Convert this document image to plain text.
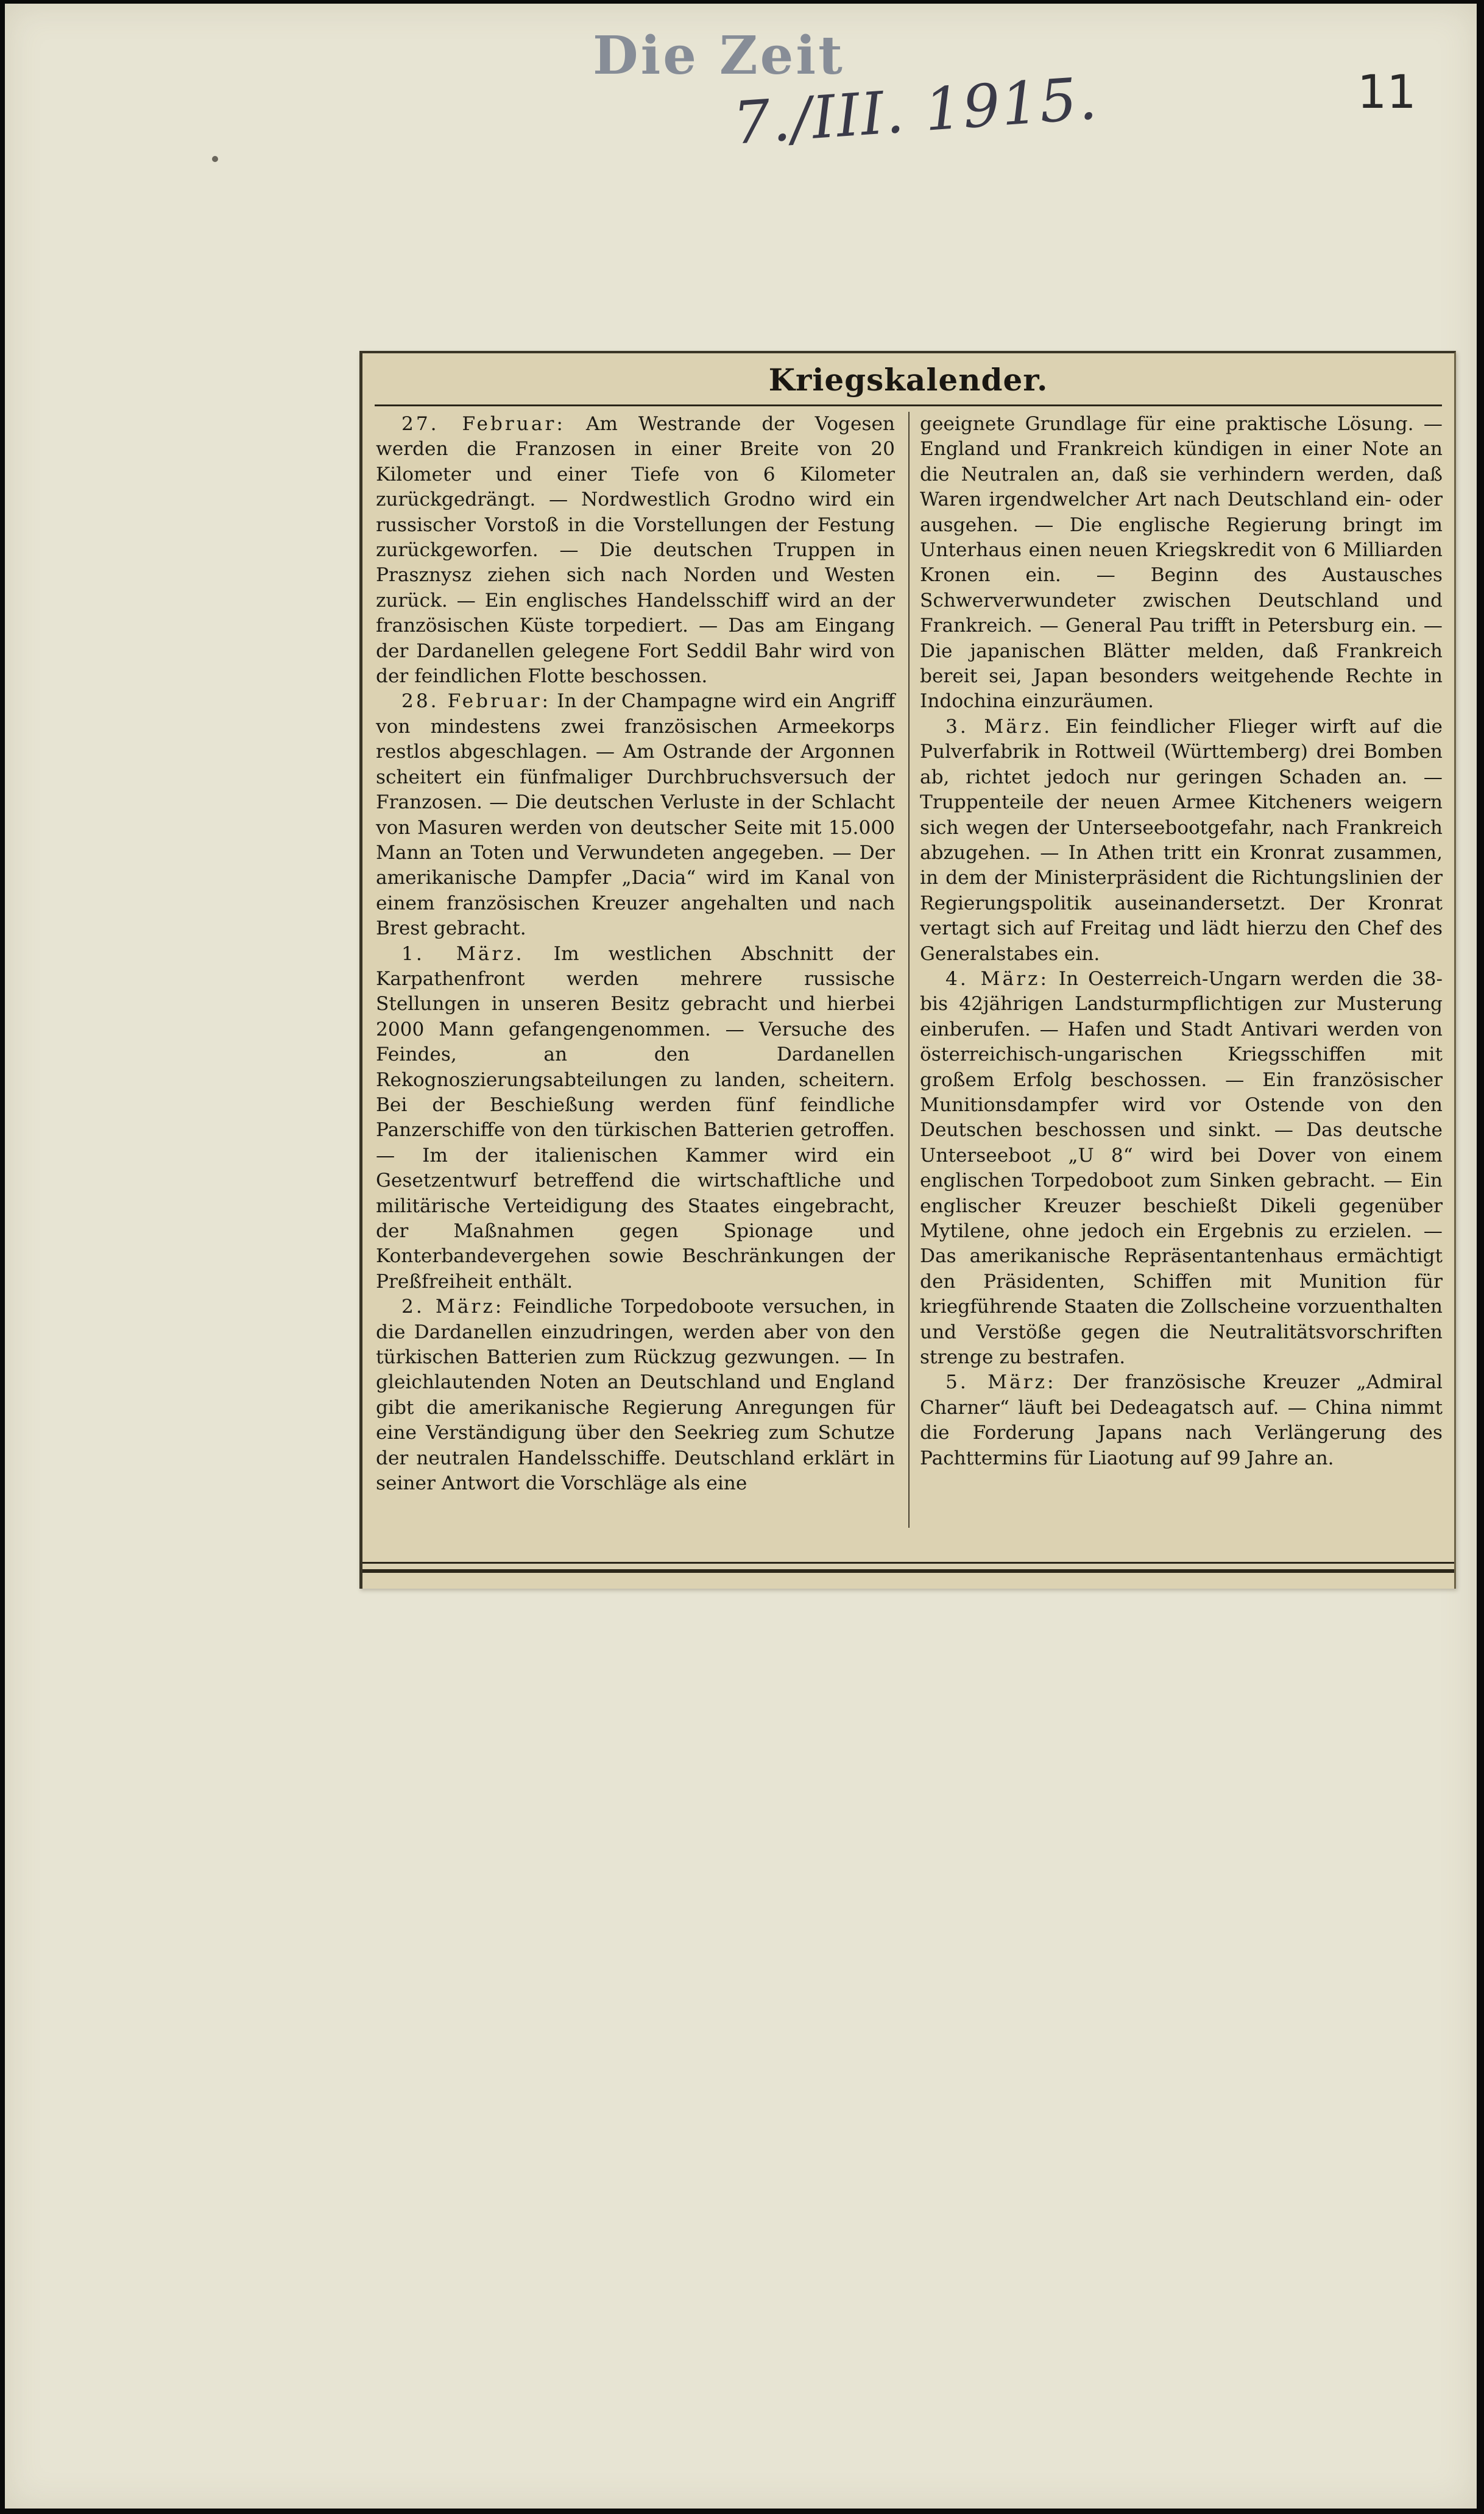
Die Zeit
7./III. 1915.	11
Kriegskalender.

27. Februar: Am Westrande der Vogesen werden die Franzosen in einer Breite von 20 Kilometer und einer Tiefe von 6 Kilometer zurückgedrängt. — Nordwestlich Grodno wird ein russischer Vorstoß in die Vorstellungen der Festung zurückgeworfen. — Die deutschen Truppen in Prasznysz ziehen sich nach Norden und Westen zurück. — Ein englisches Handelsschiff wird an der französischen Küste torpediert. — Das am Eingang der Dardanellen gelegene Fort Seddil Bahr wird von der feindlichen Flotte beschossen.

28. Februar: In der Champagne wird ein Angriff von mindestens zwei französischen Armeekorps restlos abgeschlagen. — Am Ostrande der Argonnen scheitert ein fünfmaliger Durchbruchsversuch der Franzosen. — Die deutschen Verluste in der Schlacht von Masuren werden von deutscher Seite mit 15.000 Mann an Toten und Verwundeten angegeben. — Der amerikanische Dampfer „Dacia“ wird im Kanal von einem französischen Kreuzer angehalten und nach Brest gebracht.

1. März. Im westlichen Abschnitt der Karpathenfront werden mehrere russische Stellungen in unseren Besitz gebracht und hierbei 2000 Mann gefangengenommen. — Versuche des Feindes, an den Dardanellen Rekognoszierungsabteilungen zu landen, scheitern. Bei der Beschießung werden fünf feindliche Panzerschiffe von den türkischen Batterien getroffen. — Im der italienischen Kammer wird ein Gesetzentwurf betreffend die wirtschaftliche und militärische Verteidigung des Staates eingebracht, der Maßnahmen gegen Spionage und Konterbandevergehen sowie Beschränkungen der Preßfreiheit enthält.

2. März: Feindliche Torpedoboote versuchen, in die Dardanellen einzudringen, werden aber von den türkischen Batterien zum Rückzug gezwungen. — In gleichlautenden Noten an Deutschland und England gibt die amerikanische Regierung Anregungen für eine Verständigung über den Seekrieg zum Schutze der neutralen Handelsschiffe. Deutschland erklärt in seiner Antwort die Vorschläge als eine

geeignete Grundlage für eine praktische Lösung. — England und Frankreich kündigen in einer Note an die Neutralen an, daß sie verhindern werden, daß Waren irgendwelcher Art nach Deutschland ein- oder ausgehen. — Die englische Regierung bringt im Unterhaus einen neuen Kriegskredit von 6 Milliarden Kronen ein. — Beginn des Austausches Schwerverwundeter zwischen Deutschland und Frankreich. — General Pau trifft in Petersburg ein. — Die japanischen Blätter melden, daß Frankreich bereit sei, Japan besonders weitgehende Rechte in Indochina einzuräumen.

3. März. Ein feindlicher Flieger wirft auf die Pulverfabrik in Rottweil (Württemberg) drei Bomben ab, richtet jedoch nur geringen Schaden an. — Truppenteile der neuen Armee Kitcheners weigern sich wegen der Unterseebootgefahr, nach Frankreich abzugehen. — In Athen tritt ein Kronrat zusammen, in dem der Ministerpräsident die Richtungslinien der Regierungspolitik auseinandersetzt. Der Kronrat vertagt sich auf Freitag und lädt hierzu den Chef des Generalstabes ein.

4. März: In Oesterreich-Ungarn werden die 38- bis 42jährigen Landsturmpflichtigen zur Musterung einberufen. — Hafen und Stadt Antivari werden von österreichisch-ungarischen Kriegsschiffen mit großem Erfolg beschossen. — Ein französischer Munitionsdampfer wird vor Ostende von den Deutschen beschossen und sinkt. — Das deutsche Unterseeboot „U 8“ wird bei Dover von einem englischen Torpedoboot zum Sinken gebracht. — Ein englischer Kreuzer beschießt Dikeli gegenüber Mytilene, ohne jedoch ein Ergebnis zu erzielen. — Das amerikanische Repräsentantenhaus ermächtigt den Präsidenten, Schiffen mit Munition für kriegführende Staaten die Zollscheine vorzuenthalten und Verstöße gegen die Neutralitätsvorschriften strenge zu bestrafen.

5. März: Der französische Kreuzer „Admiral Charner“ läuft bei Dedeagatsch auf. — China nimmt die Forderung Japans nach Verlängerung des Pachttermins für Liaotung auf 99 Jahre an.
